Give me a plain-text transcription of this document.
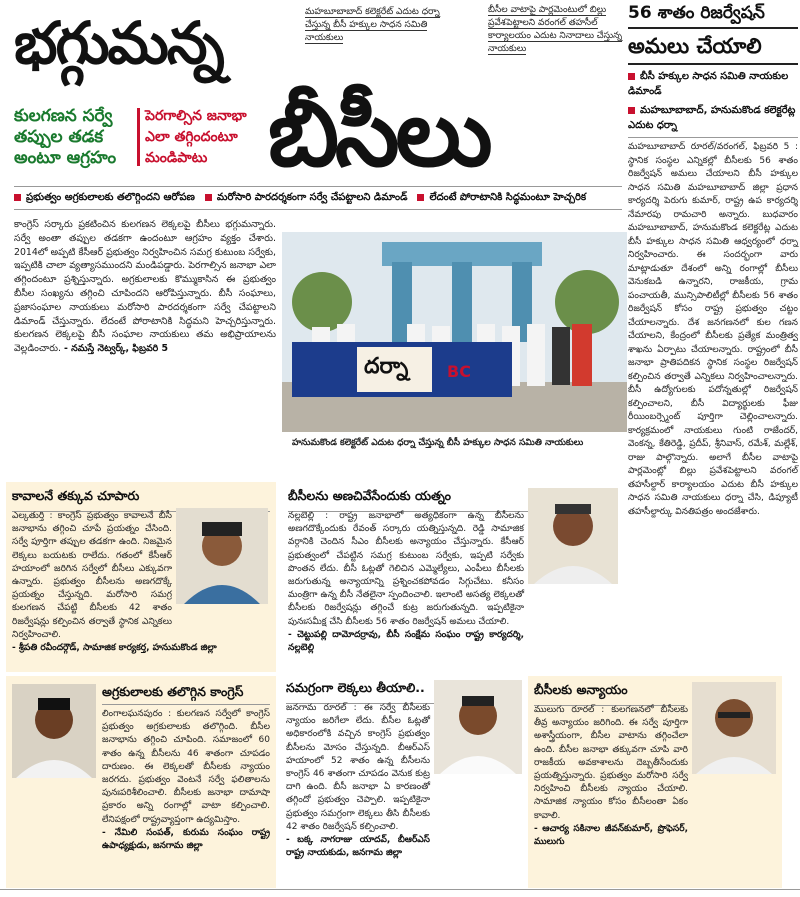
భగ్గుమన్న	మహబూబాబాద్ కలెక్టరేట్ ఎదుట ధర్నా చేస్తున్న బీసీ హక్కుల సాధన సమితి నాయకులు
బీసీల వాటాపై పార్లమెంటులో బిల్లు ప్రవేశపెట్టాలని వరంగల్ తహసీల్ కార్యాలయం ఎదుట నినాదాలు చేస్తున్న నాయకులు
కులగణన సర్వే తప్పుల తడక అంటూ ఆగ్రహం
పెరగాల్సిన జనాభా ఎలా తగ్గిందంటూ మండిపాటు బీసీలు
56 శాతం రిజర్వేషన్
అమలు చేయాలి
బీసీ హక్కుల సాధన సమితి నాయకుల డిమాండ్
మహబూబాబాద్, హనుమకొండ కలెక్టరేట్ల ఎదుట ధర్నా
మహబూబాబాద్ రూరల్/వరంగల్, ఫిబ్రవరి 5 : స్థానిక సంస్థల ఎన్నికల్లో బీసీలకు 56 శాతం రిజర్వేషన్ అమలు చేయాలని బీసీ హక్కుల సాధన సమితి మహబూబాబాద్ జిల్లా ప్రధాన కార్యదర్శి పెరుగు కుమార్, రాష్ట్ర ఉప కార్యదర్శి నేమారపు రామచారి అన్నారు. బుధవారం మహబూబాబాద్, హనుమకొండ కలెక్టరేట్ల ఎదుట బీసీ హక్కుల సాధన సమితి ఆధ్వర్యంలో ధర్నా నిర్వహించారు. ఈ సందర్భంగా వారు మాట్లాడుతూ దేశంలో అన్ని రంగాల్లో బీసీలు వెనుకబడి ఉన్నారని, రాజకీయ, గ్రామ పంచాయతీ, మున్సిపాలిటీల్లో బీసీలకు 56 శాతం రిజర్వేషన్ కోసం రాష్ట్ర ప్రభుత్వం చట్టం చేయాలన్నారు. దేశ జనగణనలో కుల గణన చేయాలని, కేంద్రంలో బీసీలకు ప్రత్యేక మంత్రిత్వ శాఖను ఏర్పాటు చేయాలన్నారు. రాష్ట్రంలో బీసీ జనాభా ప్రాతిపదికన స్థానిక సంస్థల రిజర్వేషన్ కల్పించిన తర్వాతే ఎన్నికలు నిర్వహించాలన్నారు. బీసీ ఉద్యోగులకు పదోన్నతుల్లో రిజర్వేషన్ కల్పించాలని, బీసీ విద్యార్థులకు ఫీజు రీయింబర్స్మెంట్ పూర్తిగా చెల్లించాలన్నారు. కార్యక్రమంలో నాయకులు గుంటి రాజేందర్, వెంకన్న, కేతిరెడ్డి, ప్రదీప్, శ్రీనివాస్, రమేశ్, మల్లేశ్, రాజు పాల్గొన్నారు. అలాగే బీసీల వాటాపై పార్లమెంట్లో బిల్లు ప్రవేశపెట్టాలని వరంగల్ తహసీల్దార్ కార్యాలయం ఎదుట బీసీ హక్కుల సాధన సమితి నాయకులు ధర్నా చేసి, డిప్యూటీ తహసీల్దార్కు వినతిపత్రం అందజేశారు.
ప్రభుత్వం అగ్రకులాలకు తలొగ్గిందని ఆరోపణ	మరోసారి పారదర్శకంగా సర్వే చేపట్టాలని డిమాండ్	లేదంటే పోరాటానికి సిద్ధమంటూ హెచ్చరిక
కాంగ్రెస్ సర్కారు ప్రకటించిన కులగణన లెక్కలపై బీసీలు భగ్గుమన్నారు. సర్వే అంతా తప్పుల తడకగా ఉందంటూ ఆగ్రహం వ్యక్తం చేశారు. 2014లో అప్పటి కేసీఆర్ ప్రభుత్వం నిర్వహించిన సమగ్ర కుటుంబ సర్వేకు, ఇప్పటికి చాలా వ్యత్యాసముందని మండిపడ్డారు. పెరగాల్సిన జనాభా ఎలా తగ్గిందంటూ ప్రశ్నిస్తున్నారు. అగ్రకులాలకు కొమ్ముకాసిన ఈ ప్రభుత్వం బీసీల సంఖ్యను తగ్గించి చూపిందని ఆరోపిస్తున్నారు. బీసీ సంఘాలు, ప్రజాసంఘాల నాయకులు మరోసారి పారదర్శకంగా సర్వే చేపట్టాలని డిమాండ్ చేస్తున్నారు. లేదంటే పోరాటానికి సిద్ధమని హెచ్చరిస్తున్నారు. కులగణన లెక్కలపై బీసీ సంఘాల నాయకులు తమ అభిప్రాయాలను వెల్లడించారు. - నమస్తే నెట్వర్క్, ఫిబ్రవరి 5
దర్నా BC
హనుమకొండ కలెక్టరేట్ ఎదుట ధర్నా చేస్తున్న బీసీ హక్కుల సాధన సమితి నాయకులు
కావాలనే తక్కువ చూపారు
ఎల్కతుర్తి : కాంగ్రెస్ ప్రభుత్వం కావాలనే బీసీ జనాభాను తగ్గించి చూపే ప్రయత్నం చేసింది. సర్వే పూర్తిగా తప్పుల తడకగా ఉంది. నిజమైన లెక్కలు బయటకు రాలేదు. గతంలో కేసీఆర్ హయాంలో జరిగిన సర్వేలో బీసీలు ఎక్కువగా ఉన్నారు. ప్రభుత్వం బీసీలను అణగదొక్కే ప్రయత్నం చేస్తున్నది. మరోసారి సమగ్ర కులగణన చేపట్టి బీసీలకు 42 శాతం రిజర్వేషన్లు కల్పించిన తర్వాతే స్థానిక ఎన్నికలు నిర్వహించాలి.
- శ్రీపతి రవీందర్గౌడ్, సామాజిక కార్యకర్త, హనుమకొండ జిల్లా
బీసీలను అణచివేసేందుకు యత్నం
నల్లబెల్లి : రాష్ట్ర జనాభాలో అత్యధికంగా ఉన్న బీసీలను అణగదొక్కేందుకు రేవంత్ సర్కారు యత్నిస్తున్నది. రెడ్డి సామాజిక వర్గానికి చెందిన సీఎం బీసీలకు అన్యాయం చేస్తున్నారు. కేసీఆర్ ప్రభుత్వంలో చేపట్టిన సమగ్ర కుటుంబ సర్వేకు, ఇప్పటి సర్వేకు పొంతన లేదు. బీసీ ఓట్లతో గెలిచిన ఎమ్మెల్యేలు, ఎంపీలు బీసీలకు జరుగుతున్న అన్యాయాన్ని ప్రశ్నించకపోవడం సిగ్గుచేటు. కనీసం మంత్రిగా ఉన్న బీసీ నేతలైనా స్పందించాలి. ఇలాంటి అసత్య లెక్కలతో బీసీలకు రిజర్వేషన్లు తగ్గించే కుట్ర జరుగుతున్నది. ఇప్పటికైనా పునఃసమీక్ష చేసి బీసీలకు 56 శాతం రిజర్వేషన్ అమలు చేయాలి.
- చెట్టుపల్లి దామోదర్రావు, బీసీ సంక్షేమ సంఘం రాష్ట్ర కార్యదర్శి, నల్లబెల్లి
అగ్రకులాలకు తలొగ్గిన కాంగ్రెస్
లింగాలఘనపురం : కులగణన సర్వేలో కాంగ్రెస్ ప్రభుత్వం అగ్రకులాలకు తలొగ్గింది. బీసీల జనాభాను తగ్గించి చూపింది. సమాజంలో 60 శాతం ఉన్న బీసీలను 46 శాతంగా చూపడం దారుణం. ఈ లెక్కలతో బీసీలకు న్యాయం జరగదు. ప్రభుత్వం వెంటనే సర్వే ఫలితాలను పునఃపరిశీలించాలి. బీసీలకు జనాభా దామాషా ప్రకారం అన్ని రంగాల్లో వాటా కల్పించాలి. లేనిపక్షంలో రాష్ట్రవ్యాప్తంగా ఉద్యమిస్తాం.
- నేమిలి సంపత్, కురుమ సంఘం రాష్ట్ర ఉపాధ్యక్షుడు, జనగామ జిల్లా
సమగ్రంగా లెక్కలు తీయాలి..
జనగామ రూరల్ : ఈ సర్వే బీసీలకు న్యాయం జరిగేలా లేదు. బీసీల ఓట్లతో అధికారంలోకి వచ్చిన కాంగ్రెస్ ప్రభుత్వం బీసీలను మోసం చేస్తున్నది. బీఆర్ఎస్ హయాంలో 52 శాతం ఉన్న బీసీలను కాంగ్రెస్ 46 శాతంగా చూపడం వెనుక కుట్ర దాగి ఉంది. బీసీ జనాభా ఏ కారణంతో తగ్గిందో ప్రభుత్వం చెప్పాలి. ఇప్పటికైనా ప్రభుత్వం సమగ్రంగా లెక్కలు తీసి బీసీలకు 42 శాతం రిజర్వేషన్ కల్పించాలి.
- బక్క నాగరాజు యాదవ్, బీఆర్ఎస్ రాష్ట్ర నాయకుడు, జనగామ జిల్లా
బీసీలకు అన్యాయం
ములుగు రూరల్ : కులగణనలో బీసీలకు తీవ్ర అన్యాయం జరిగింది. ఈ సర్వే పూర్తిగా అశాస్త్రీయంగా, బీసీల వాటాను తగ్గించేలా ఉంది. బీసీల జనాభా తక్కువగా చూపి వారి రాజకీయ అవకాశాలను దెబ్బతీసేందుకు ప్రయత్నిస్తున్నారు. ప్రభుత్వం మరోసారి సర్వే నిర్వహించి బీసీలకు న్యాయం చేయాలి. సామాజిక న్యాయం కోసం బీసీలంతా ఏకం కావాలి.
- ఆచార్య సకినాల జీవన్‌కుమార్, ప్రొఫెసర్, ములుగు
